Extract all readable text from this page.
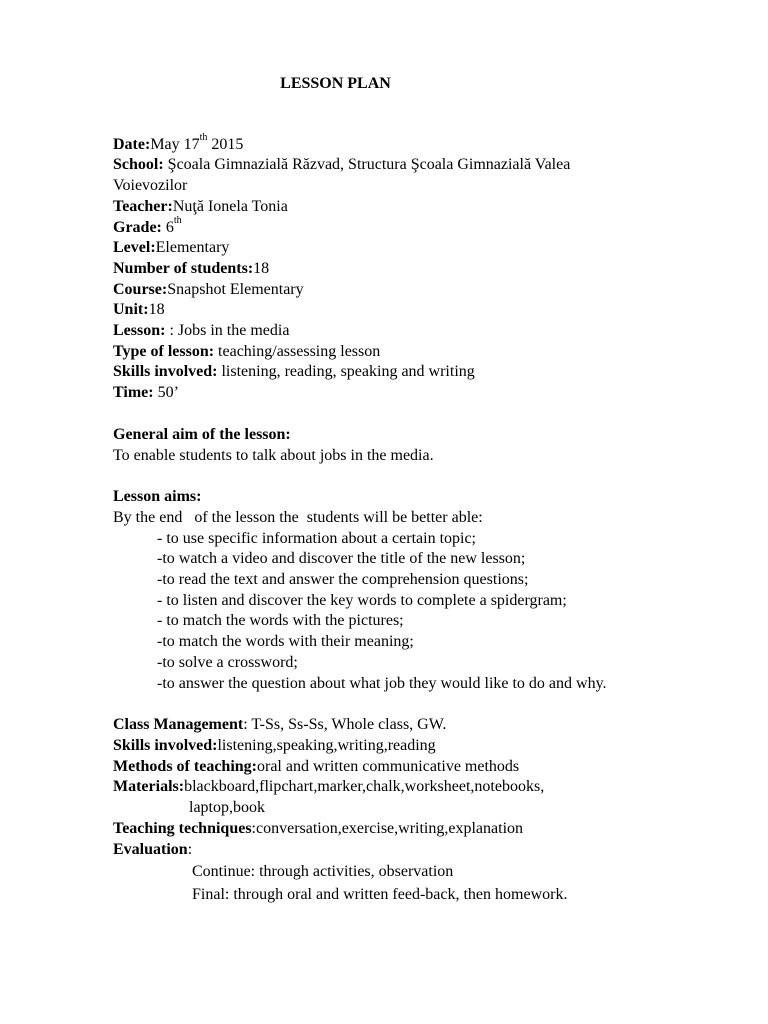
LESSON PLAN
Date:May 17th 2015
School: Şcoala Gimnazială Răzvad, Structura Şcoala Gimnazială Valea
Voievozilor
Teacher:Nuţă Ionela Tonia
Grade: 6th
Level:Elementary
Number of students:18
Course:Snapshot Elementary
Unit:18
Lesson: : Jobs in the media
Type of lesson: teaching/assessing lesson
Skills involved: listening, reading, speaking and writing
Time: 50’
General aim of the lesson:
To enable students to talk about jobs in the media.
Lesson aims:
By the end   of the lesson the  students will be better able:
- to use specific information about a certain topic;
-to watch a video and discover the title of the new lesson;
-to read the text and answer the comprehension questions;
- to listen and discover the key words to complete a spidergram;
- to match the words with the pictures;
-to match the words with their meaning;
-to solve a crossword;
-to answer the question about what job they would like to do and why.
Class Management: T-Ss, Ss-Ss, Whole class, GW.
Skills involved:listening,speaking,writing,reading
Methods of teaching:oral and written communicative methods
Materials:blackboard,flipchart,marker,chalk,worksheet,notebooks,
laptop,book
Teaching techniques:conversation,exercise,writing,explanation
Evaluation:
Continue: through activities, observation
Final: through oral and written feed-back, then homework.
